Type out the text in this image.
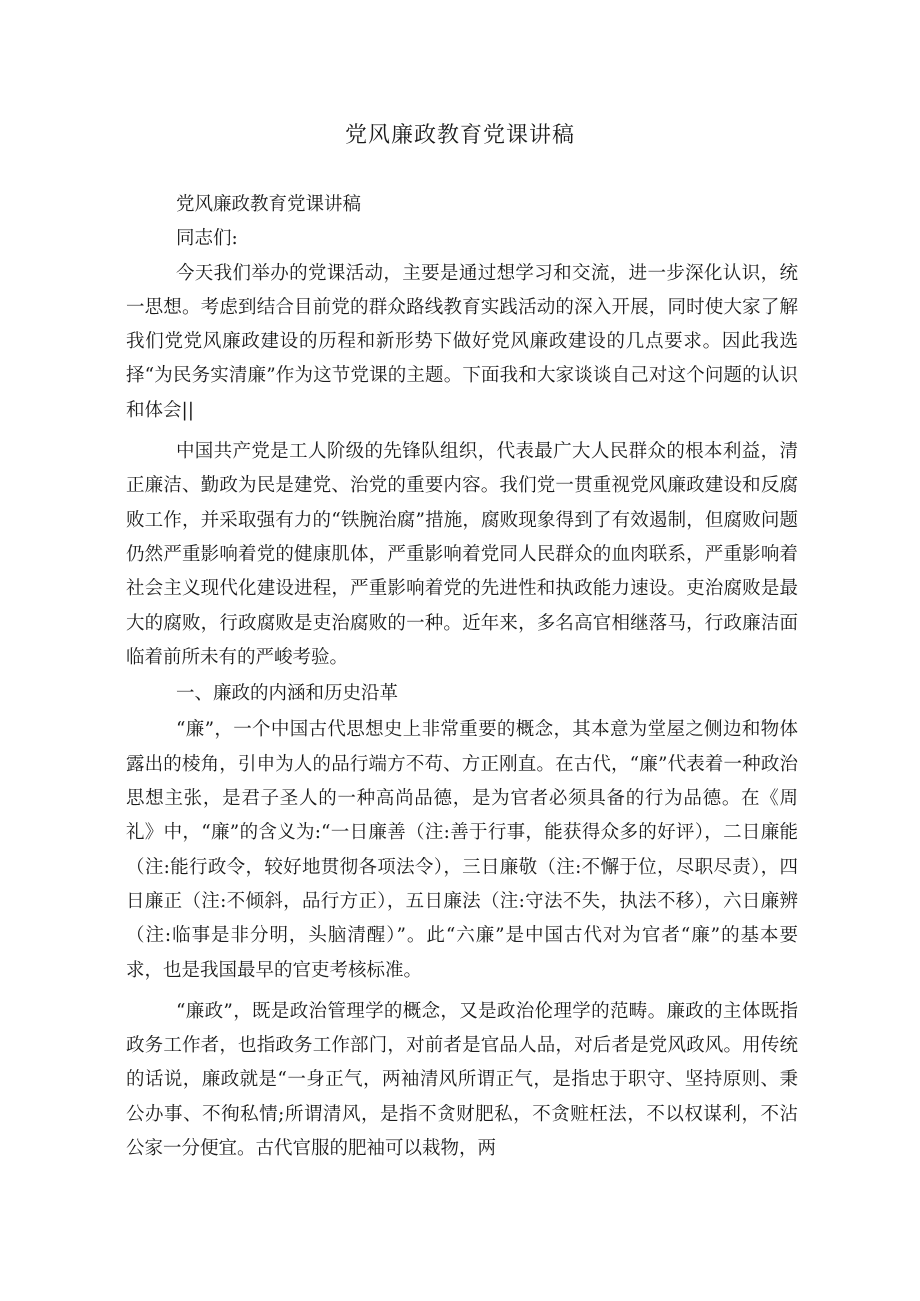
党风廉政教育党课讲稿

党风廉政教育党课讲稿

同志们:

今天我们举办的党课活动，主要是通过想学习和交流，进一步深化认识，统一思想。考虑到结合目前党的群众路线教育实践活动的深入开展，同时使大家了解我们党党风廉政建设的历程和新形势下做好党风廉政建设的几点要求。因此我选择“为民务实清廉”作为这节党课的主题。下面我和大家谈谈自己对这个问题的认识和体会||

中国共产党是工人阶级的先锋队组织，代表最广大人民群众的根本利益，清正廉洁、勤政为民是建党、治党的重要内容。我们党一贯重视党风廉政建设和反腐败工作，并采取强有力的“铁腕治腐”措施，腐败现象得到了有效遏制，但腐败问题仍然严重影响着党的健康肌体，严重影响着党同人民群众的血肉联系，严重影响着社会主义现代化建设进程，严重影响着党的先进性和执政能力速设。吏治腐败是最大的腐败，行政腐败是吏治腐败的一种。近年来，多名高官相继落马，行政廉洁面临着前所未有的严峻考验。

一、廉政的内涵和历史沿革

“廉”，一个中国古代思想史上非常重要的概念，其本意为堂屋之侧边和物体露出的棱角，引申为人的品行端方不苟、方正刚直。在古代，“廉”代表着一种政治思想主张，是君子圣人的一种高尚品德，是为官者必须具备的行为品德。在《周礼》中，“廉”的含义为:“一日廉善（注:善于行事，能获得众多的好评），二日廉能（注:能行政令，较好地贯彻各项法令），三日廉敬（注:不懈于位，尽职尽责），四日廉正（注:不倾斜，品行方正），五日廉法（注:守法不失，执法不移），六日廉辨（注:临事是非分明，头脑清醒）”。此“六廉”是中国古代对为官者“廉”的基本要求，也是我国最早的官吏考核标准。

“廉政”，既是政治管理学的概念，又是政治伦理学的范畴。廉政的主体既指政务工作者，也指政务工作部门，对前者是官品人品，对后者是党风政风。用传统的话说，廉政就是“一身正气，两袖清风所谓正气，是指忠于职守、坚持原则、秉公办事、不徇私情;所谓清风，是指不贪财肥私，不贪赃枉法，不以权谋利，不沾公家一分便宜。古代官服的肥袖可以栽物，两
